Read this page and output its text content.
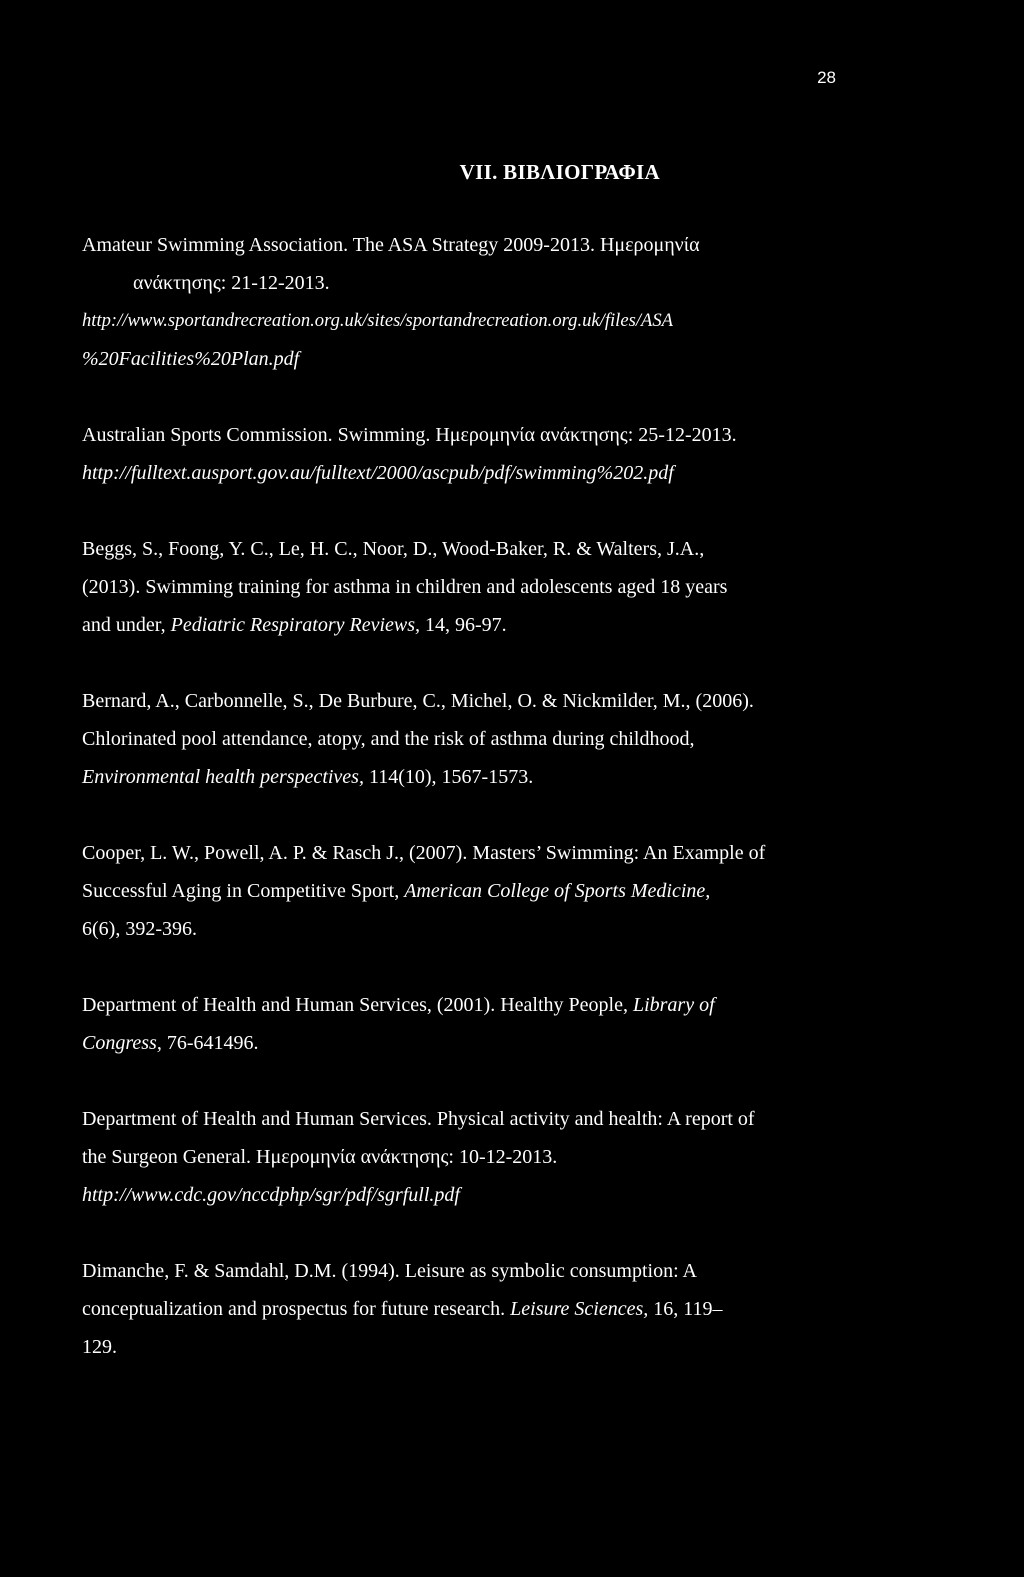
28
VII. ΒΙΒΛΙΟΓΡΑΦΙΑ
Amateur Swimming Association. The ASA Strategy 2009-2013. Ημερομηνία
ανάκτησης: 21-12-2013.
http://www.sportandrecreation.org.uk/sites/sportandrecreation.org.uk/files/ASA
%20Facilities%20Plan.pdf
Australian Sports Commission. Swimming. Ημερομηνία ανάκτησης: 25-12-2013.
http://fulltext.ausport.gov.au/fulltext/2000/ascpub/pdf/swimming%202.pdf
Beggs, S., Foong, Y. C., Le, H. C., Noor, D., Wood-Baker, R. & Walters, J.A.,
(2013). Swimming training for asthma in children and adolescents aged 18 years
and under, Pediatric Respiratory Reviews, 14, 96-97.
Bernard, A., Carbonnelle, S., De Burbure, C., Michel, O. & Nickmilder, M., (2006).
Chlorinated pool attendance, atopy, and the risk of asthma during childhood,
Environmental health perspectives, 114(10), 1567-1573.
Cooper, L. W., Powell, A. P. & Rasch J., (2007). Masters’ Swimming: An Example of
Successful Aging in Competitive Sport, American College of Sports Medicine,
6(6), 392-396.
Department of Health and Human Services, (2001). Healthy People, Library of
Congress, 76-641496.
Department of Health and Human Services. Physical activity and health: A report of
the Surgeon General. Ημερομηνία ανάκτησης: 10-12-2013.
http://www.cdc.gov/nccdphp/sgr/pdf/sgrfull.pdf
Dimanche, F. & Samdahl, D.M. (1994). Leisure as symbolic consumption: A
conceptualization and prospectus for future research. Leisure Sciences, 16, 119–
129.
